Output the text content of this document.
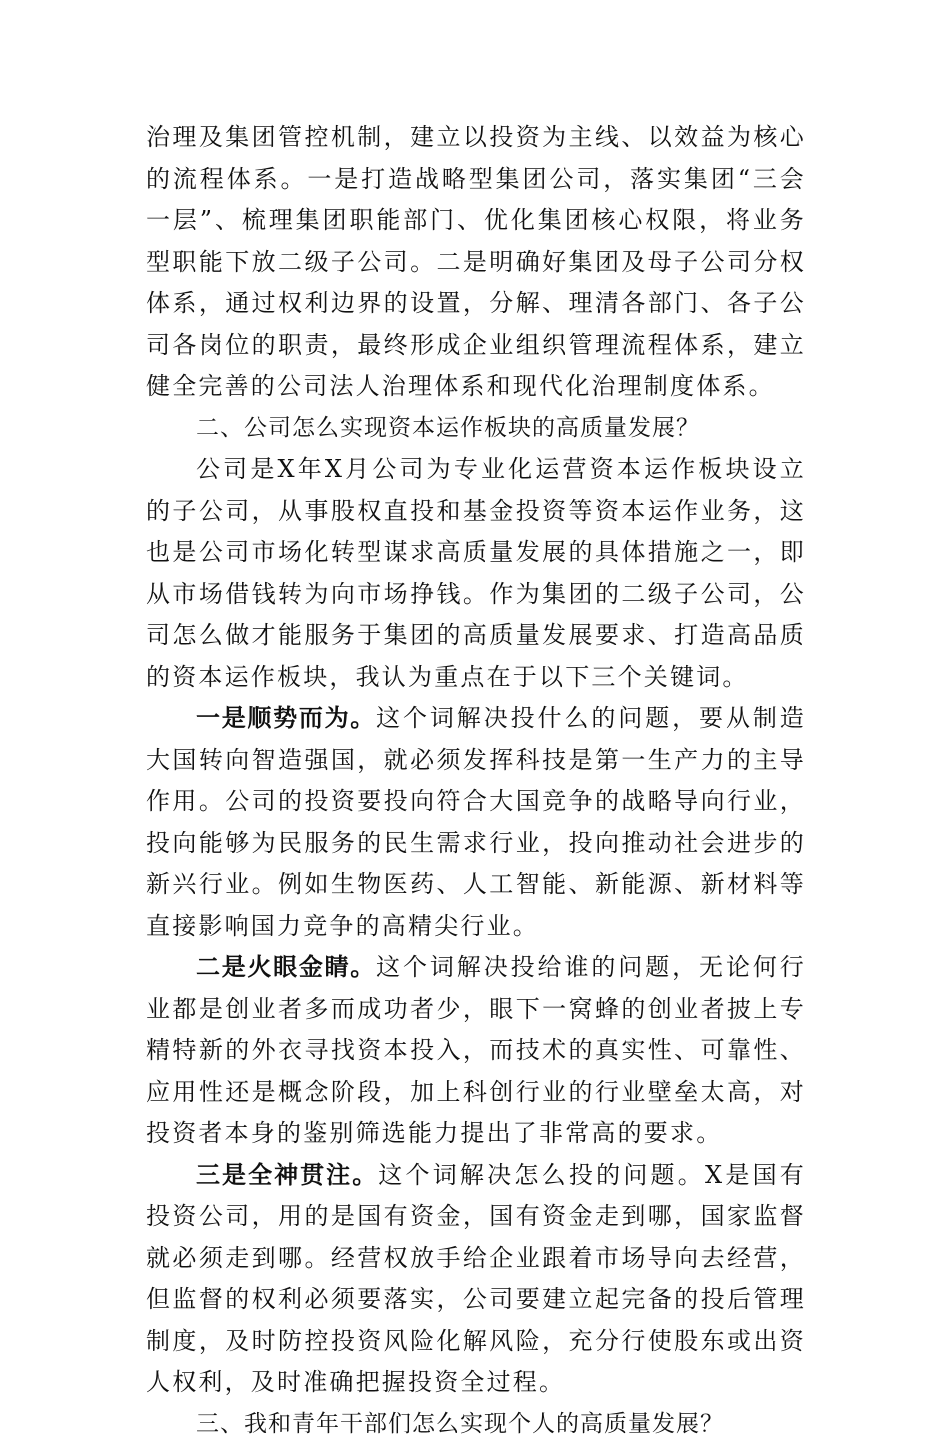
治理及集团管控机制，建立以投资为主线、以效益为核心的流程体系。一是打造战略型集团公司，落实集团“三会一层”、梳理集团职能部门、优化集团核心权限，将业务型职能下放二级子公司。二是明确好集团及母子公司分权体系，通过权利边界的设置，分解、理清各部门、各子公司各岗位的职责，最终形成企业组织管理流程体系，建立健全完善的公司法人治理体系和现代化治理制度体系。

二、公司怎么实现资本运作板块的高质量发展？

公司是X年X月公司为专业化运营资本运作板块设立的子公司，从事股权直投和基金投资等资本运作业务，这也是公司市场化转型谋求高质量发展的具体措施之一，即从市场借钱转为向市场挣钱。作为集团的二级子公司，公司怎么做才能服务于集团的高质量发展要求、打造高品质的资本运作板块，我认为重点在于以下三个关键词。

一是顺势而为。这个词解决投什么的问题，要从制造大国转向智造强国，就必须发挥科技是第一生产力的主导作用。公司的投资要投向符合大国竞争的战略导向行业，投向能够为民服务的民生需求行业，投向推动社会进步的新兴行业。例如生物医药、人工智能、新能源、新材料等直接影响国力竞争的高精尖行业。

二是火眼金睛。这个词解决投给谁的问题，无论何行业都是创业者多而成功者少，眼下一窝蜂的创业者披上专精特新的外衣寻找资本投入，而技术的真实性、可靠性、应用性还是概念阶段，加上科创行业的行业壁垒太高，对投资者本身的鉴别筛选能力提出了非常高的要求。

三是全神贯注。这个词解决怎么投的问题。X是国有投资公司，用的是国有资金，国有资金走到哪，国家监督就必须走到哪。经营权放手给企业跟着市场导向去经营，但监督的权利必须要落实，公司要建立起完备的投后管理制度，及时防控投资风险化解风险，充分行使股东或出资人权利，及时准确把握投资全过程。

三、我和青年干部们怎么实现个人的高质量发展？
